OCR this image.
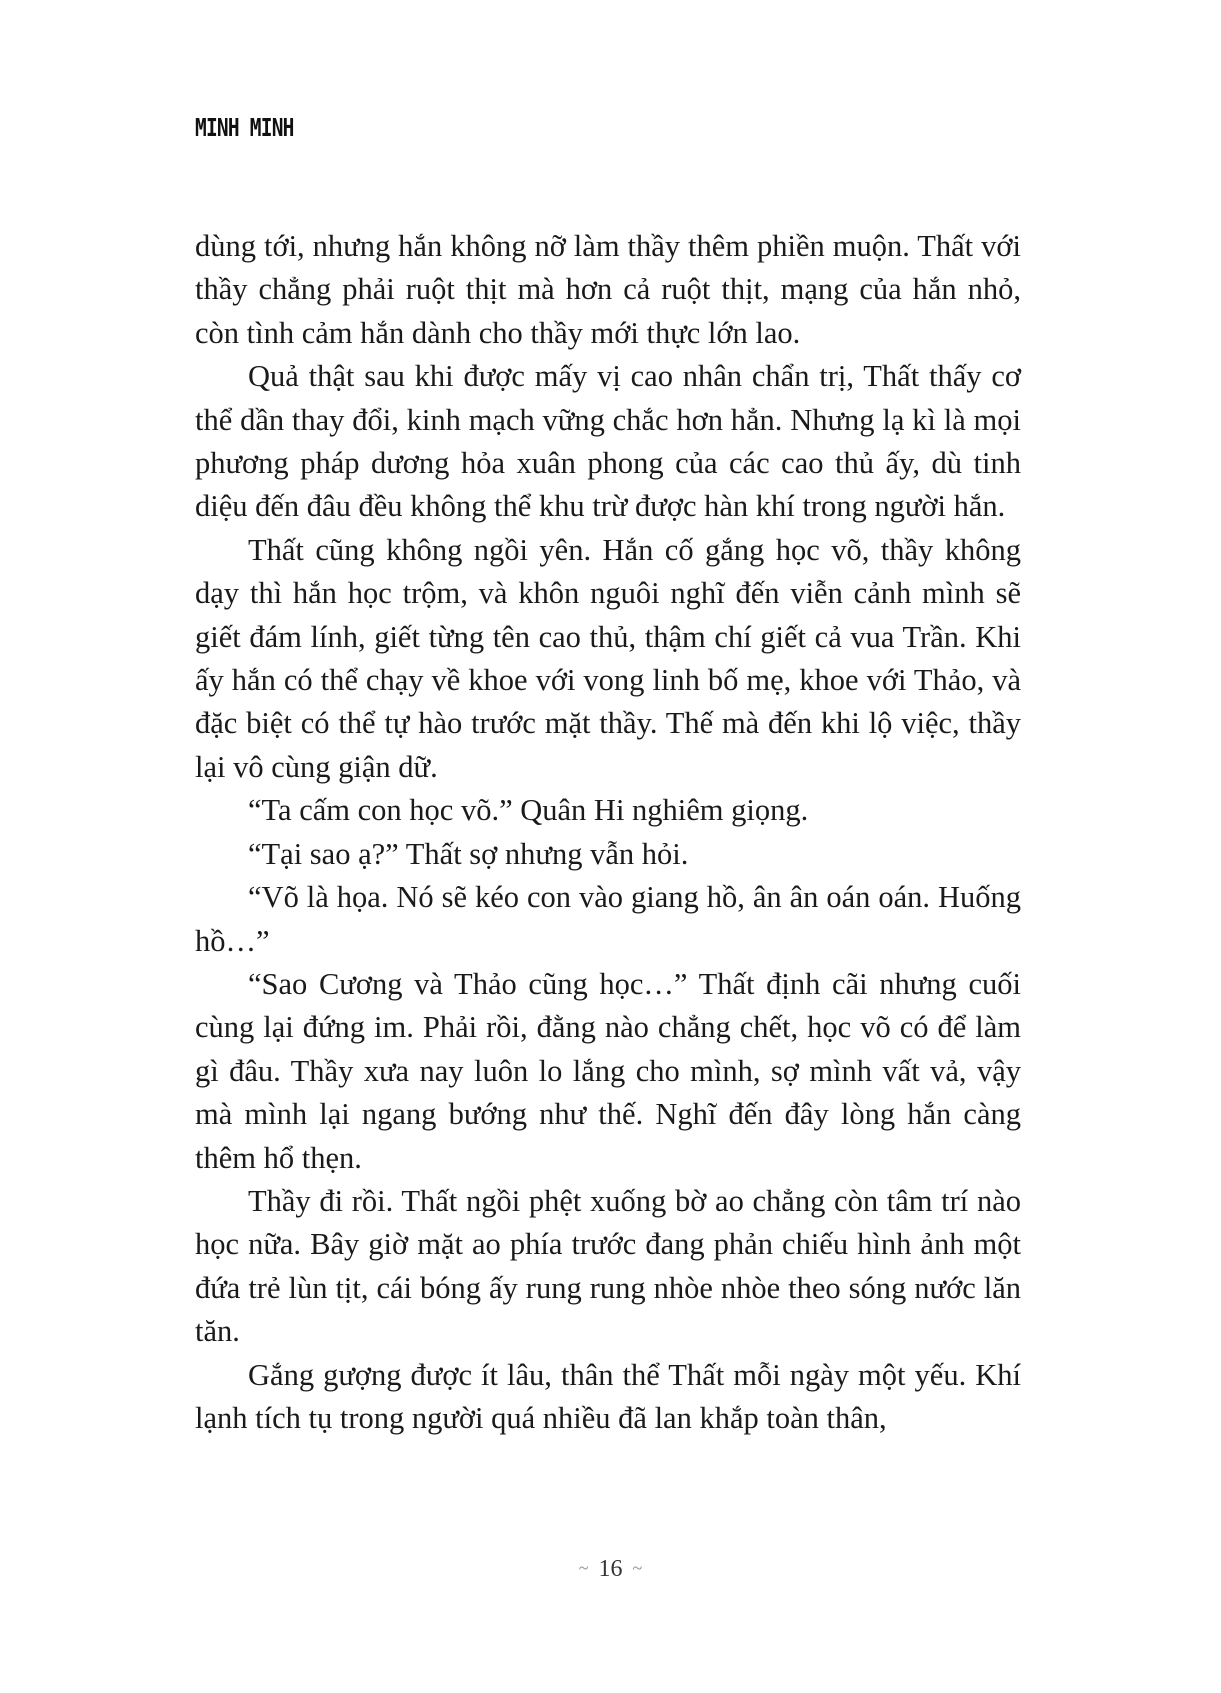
MINH MINH

dùng tới, nhưng hắn không nỡ làm thầy thêm phiền muộn. Thất với thầy chẳng phải ruột thịt mà hơn cả ruột thịt, mạng của hắn nhỏ, còn tình cảm hắn dành cho thầy mới thực lớn lao.

Quả thật sau khi được mấy vị cao nhân chẩn trị, Thất thấy cơ thể dần thay đổi, kinh mạch vững chắc hơn hẳn. Nhưng lạ kì là mọi phương pháp dương hỏa xuân phong của các cao thủ ấy, dù tinh diệu đến đâu đều không thể khu trừ được hàn khí trong người hắn.

Thất cũng không ngồi yên. Hắn cố gắng học võ, thầy không dạy thì hắn học trộm, và khôn nguôi nghĩ đến viễn cảnh mình sẽ giết đám lính, giết từng tên cao thủ, thậm chí giết cả vua Trần. Khi ấy hắn có thể chạy về khoe với vong linh bố mẹ, khoe với Thảo, và đặc biệt có thể tự hào trước mặt thầy. Thế mà đến khi lộ việc, thầy lại vô cùng giận dữ.

“Ta cấm con học võ.” Quân Hi nghiêm giọng.

“Tại sao ạ?” Thất sợ nhưng vẫn hỏi.

“Võ là họa. Nó sẽ kéo con vào giang hồ, ân ân oán oán. Huống hồ…”

“Sao Cương và Thảo cũng học…” Thất định cãi nhưng cuối cùng lại đứng im. Phải rồi, đằng nào chẳng chết, học võ có để làm gì đâu. Thầy xưa nay luôn lo lắng cho mình, sợ mình vất vả, vậy mà mình lại ngang bướng như thế. Nghĩ đến đây lòng hắn càng thêm hổ thẹn.

Thầy đi rồi. Thất ngồi phệt xuống bờ ao chẳng còn tâm trí nào học nữa. Bây giờ mặt ao phía trước đang phản chiếu hình ảnh một đứa trẻ lùn tịt, cái bóng ấy rung rung nhòe nhòe theo sóng nước lăn tăn.

Gắng gượng được ít lâu, thân thể Thất mỗi ngày một yếu. Khí lạnh tích tụ trong người quá nhiều đã lan khắp toàn thân,

~ 16 ~
